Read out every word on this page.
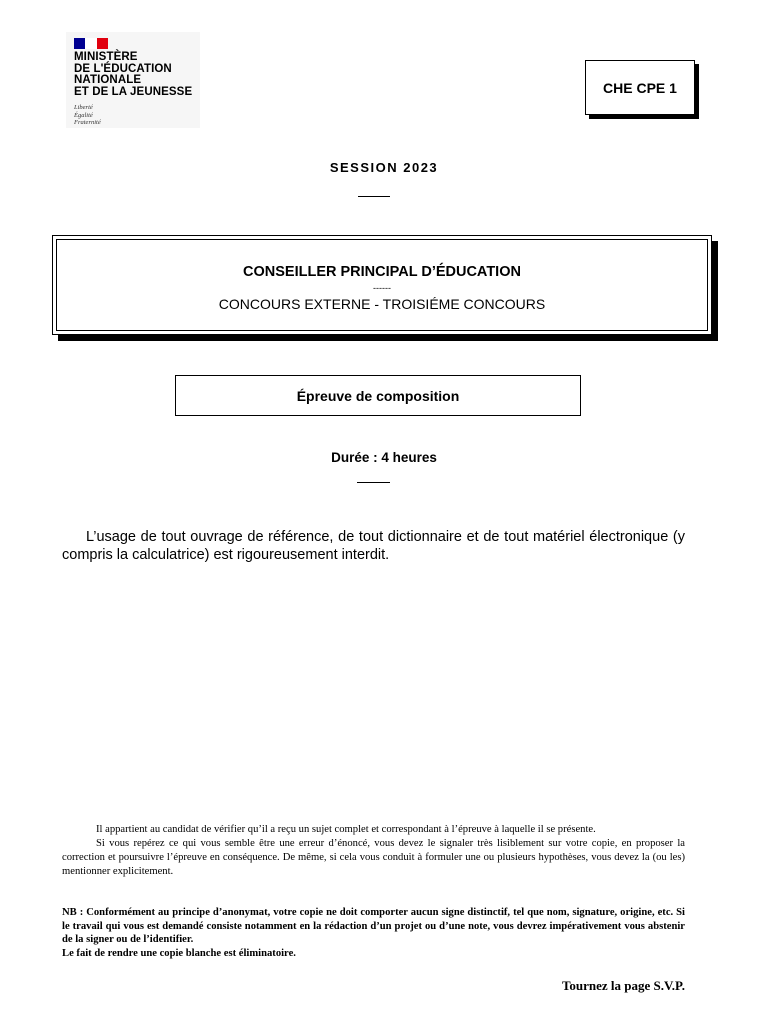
MINISTÈRE
DE L'ÉDUCATION
NATIONALE
ET DE LA JEUNESSE
Liberté
Égalité
Fraternité
CHE CPE 1
SESSION 2023
CONSEILLER PRINCIPAL D’ÉDUCATION
------
CONCOURS EXTERNE - TROISIÉME CONCOURS
Épreuve de composition
Durée : 4 heures
L’usage de tout ouvrage de référence, de tout dictionnaire et de tout matériel électronique (y compris la calculatrice) est rigoureusement interdit.

Il appartient au candidat de vérifier qu’il a reçu un sujet complet et correspondant à l’épreuve à laquelle il se présente.

Si vous repérez ce qui vous semble être une erreur d’énoncé, vous devez le signaler très lisiblement sur votre copie, en proposer la correction et poursuivre l’épreuve en conséquence. De même, si cela vous conduit à formuler une ou plusieurs hypothèses, vous devez la (ou les) mentionner explicitement.

NB : Conformément au principe d’anonymat, votre copie ne doit comporter aucun signe distinctif, tel que nom, signature, origine, etc. Si le travail qui vous est demandé consiste notamment en la rédaction d’un projet ou d’une note, vous devrez impérativement vous abstenir de la signer ou de l’identifier.

Le fait de rendre une copie blanche est éliminatoire.

Tournez la page S.V.P.
